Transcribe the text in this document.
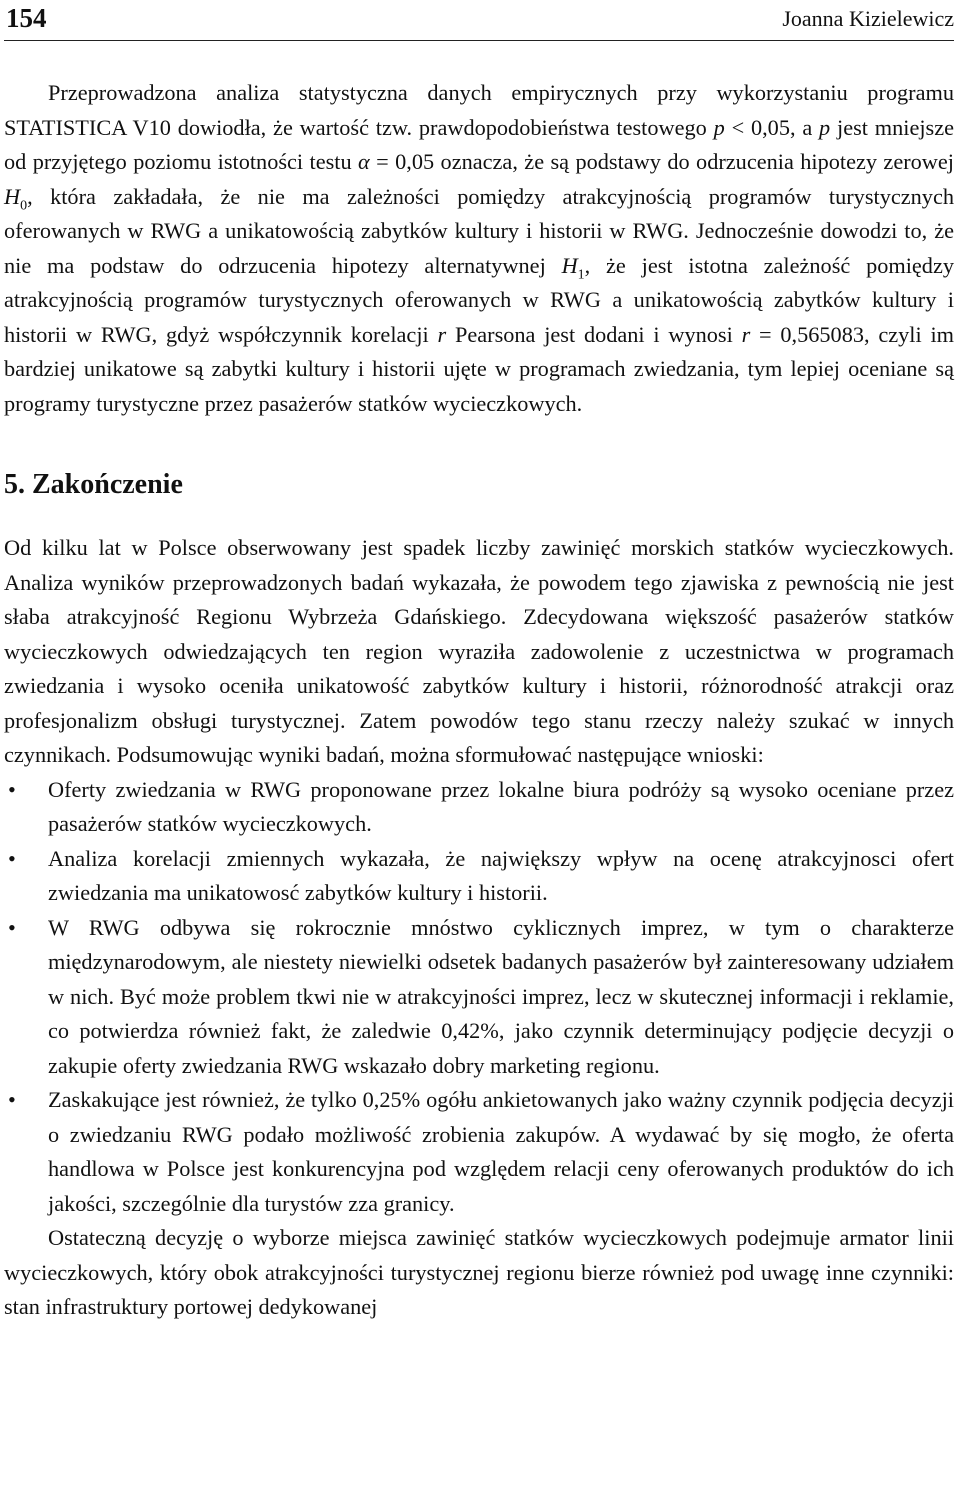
154	Joanna Kizielewicz

Przeprowadzona analiza statystyczna danych empirycznych przy wykorzystaniu programu STATISTICA V10 dowiodła, że wartość tzw. prawdopodobieństwa testowego p < 0,05, a p jest mniejsze od przyjętego poziomu istotności testu α = 0,05 oznacza, że są podstawy do odrzucenia hipotezy zerowej $H_0$, która zakładała, że nie ma zależności pomiędzy atrakcyjnością programów turystycznych oferowanych w RWG a unikatowością zabytków kultury i historii w RWG. Jednocześnie dowodzi to, że nie ma podstaw do odrzucenia hipotezy alternatywnej $H_1$, że jest istotna zależność pomiędzy atrakcyjnością programów turystycznych oferowanych w RWG a unikatowością zabytków kultury i historii w RWG, gdyż współczynnik korelacji r Pearsona jest dodani i wynosi r = 0,565083, czyli im bardziej unikatowe są zabytki kultury i historii ujęte w programach zwiedzania, tym lepiej oceniane są programy turystyczne przez pasażerów statków wycieczkowych.

5. Zakończenie

Od kilku lat w Polsce obserwowany jest spadek liczby zawinięć morskich statków wycieczkowych. Analiza wyników przeprowadzonych badań wykazała, że powodem tego zjawiska z pewnością nie jest słaba atrakcyjność Regionu Wybrzeża Gdańskiego. Zdecydowana większość pasażerów statków wycieczkowych odwiedzających ten region wyraziła zadowolenie z uczestnictwa w programach zwiedzania i wysoko oceniła unikatowość zabytków kultury i historii, różnorodność atrakcji oraz profesjonalizm obsługi turystycznej. Zatem powodów tego stanu rzeczy należy szukać w innych czynnikach. Podsumowując wyniki badań, można sformułować następujące wnioski:

• Oferty zwiedzania w RWG proponowane przez lokalne biura podróży są wysoko oceniane przez pasażerów statków wycieczkowych.
• Analiza korelacji zmiennych wykazała, że największy wpływ na ocenę atrakcyjnosci ofert zwiedzania ma unikatowosć zabytków kultury i historii.
• W RWG odbywa się rokrocznie mnóstwo cyklicznych imprez, w tym o charakterze międzynarodowym, ale niestety niewielki odsetek badanych pasażerów był zainteresowany udziałem w nich. Być może problem tkwi nie w atrakcyjności imprez, lecz w skutecznej informacji i reklamie, co potwierdza również fakt, że zaledwie 0,42%, jako czynnik determinujący podjęcie decyzji o zakupie oferty zwiedzania RWG wskazało dobry marketing regionu.
• Zaskakujące jest również, że tylko 0,25% ogółu ankietowanych jako ważny czynnik podjęcia decyzji o zwiedzaniu RWG podało możliwość zrobienia zakupów. A wydawać by się mogło, że oferta handlowa w Polsce jest konkurencyjna pod względem relacji ceny oferowanych produktów do ich jakości, szczególnie dla turystów zza granicy.

Ostateczną decyzję o wyborze miejsca zawinięć statków wycieczkowych podejmuje armator linii wycieczkowych, który obok atrakcyjności turystycznej regionu bierze również pod uwagę inne czynniki: stan infrastruktury portowej dedykowanej
